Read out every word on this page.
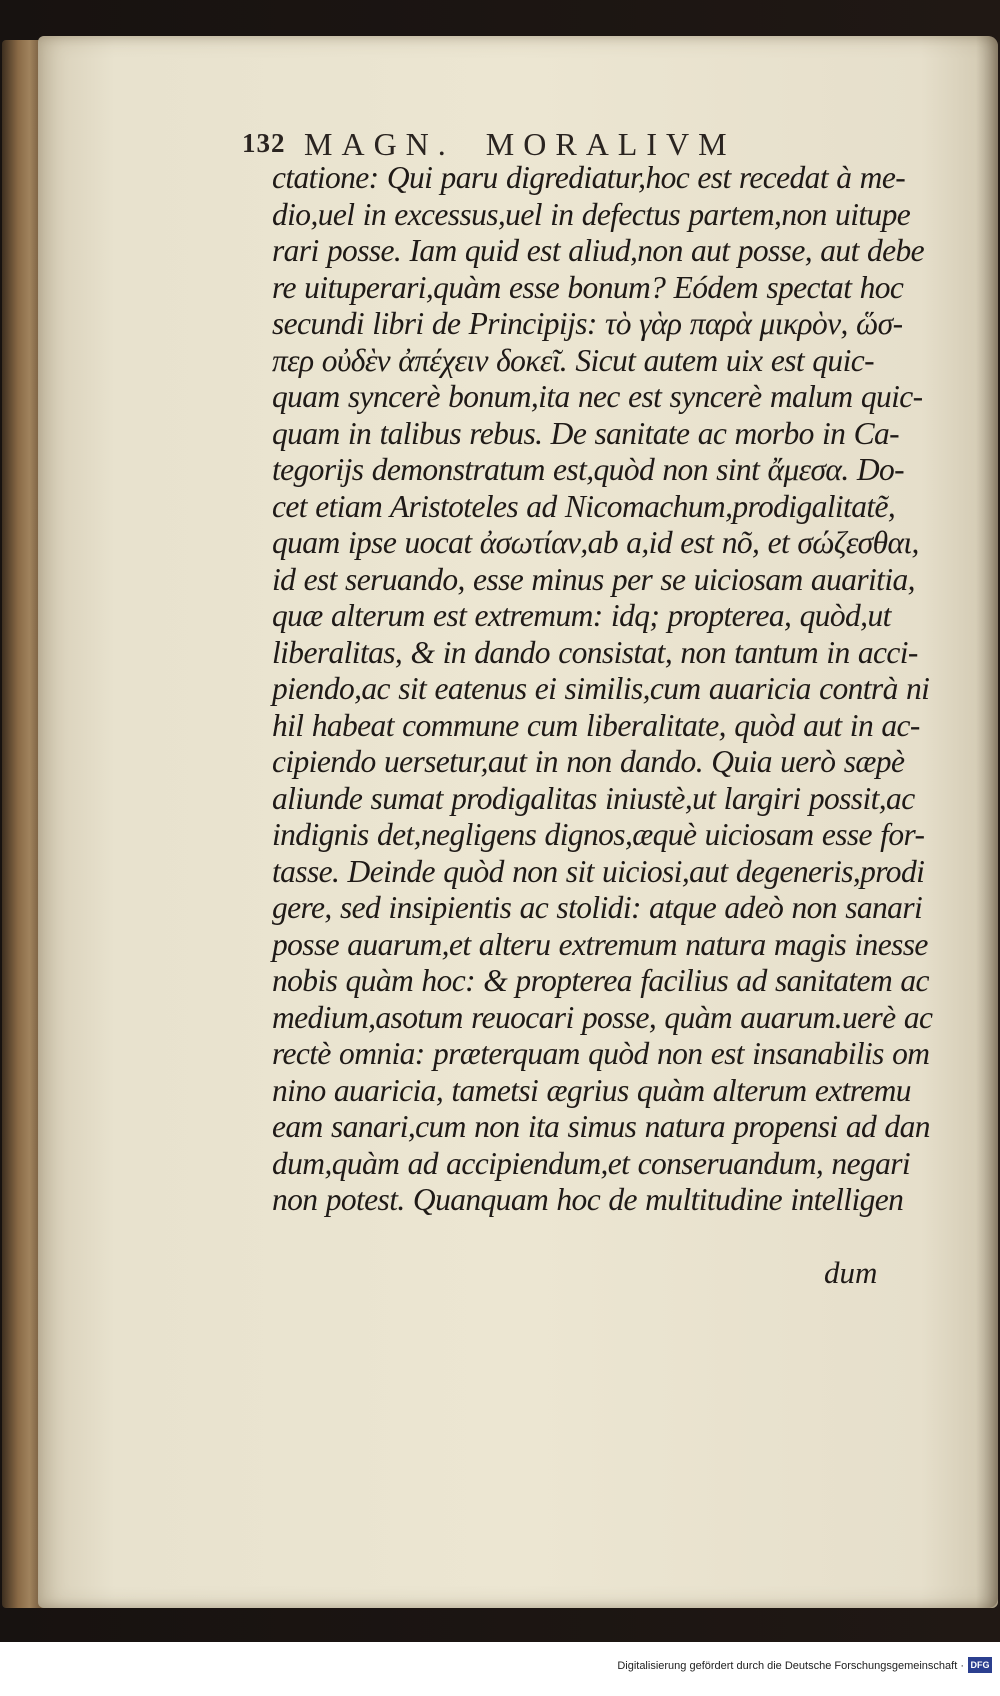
132 MAGN. MORALIVM
ctatione: Qui paru digrediatur,hoc est recedat à me-
dio,uel in excessus,uel in defectus partem,non uitupe
rari posse. Iam quid est aliud,non aut posse, aut debe
re uituperari,quàm esse bonum? Eódem spectat hoc
secundi libri de Principijs: τὸ γὰρ παρὰ μικρὸν, ὥσ-
περ οὐδὲν ἀπέχειν δοκεῖ. Sicut autem uix est quic-
quam syncerè bonum,ita nec est syncerè malum quic-
quam in talibus rebus. De sanitate ac morbo in Ca-
tegorijs demonstratum est,quòd non sint ἄμεσα. Do-
cet etiam Aristoteles ad Nicomachum,prodigalitatẽ,
quam ipse uocat ἀσωτίαν,ab a,id est nõ, et σώζεσθαι,
id est seruando, esse minus per se uiciosam auaritia,
quæ alterum est extremum: idq; propterea, quòd,ut
liberalitas, & in dando consistat, non tantum in acci-
piendo,ac sit eatenus ei similis,cum auaricia contrà ni
hil habeat commune cum liberalitate, quòd aut in ac-
cipiendo uersetur,aut in non dando. Quia uerò sæpè
aliunde sumat prodigalitas iniustè,ut largiri possit,ac
indignis det,negligens dignos,æquè uiciosam esse for-
tasse. Deinde quòd non sit uiciosi,aut degeneris,prodi
gere, sed insipientis ac stolidi: atque adeò non sanari
posse auarum,et alteru extremum natura magis inesse
nobis quàm hoc: & propterea facilius ad sanitatem ac
medium,asotum reuocari posse, quàm auarum.uerè ac
rectè omnia: præterquam quòd non est insanabilis om
nino auaricia, tametsi ægrius quàm alterum extremu
eam sanari,cum non ita simus natura propensi ad dan
dum,quàm ad accipiendum,et conseruandum, negari
non potest. Quanquam hoc de multitudine intelligen
dum
Digitalisierung gefördert durch die Deutsche Forschungsgemeinschaft · DFG
